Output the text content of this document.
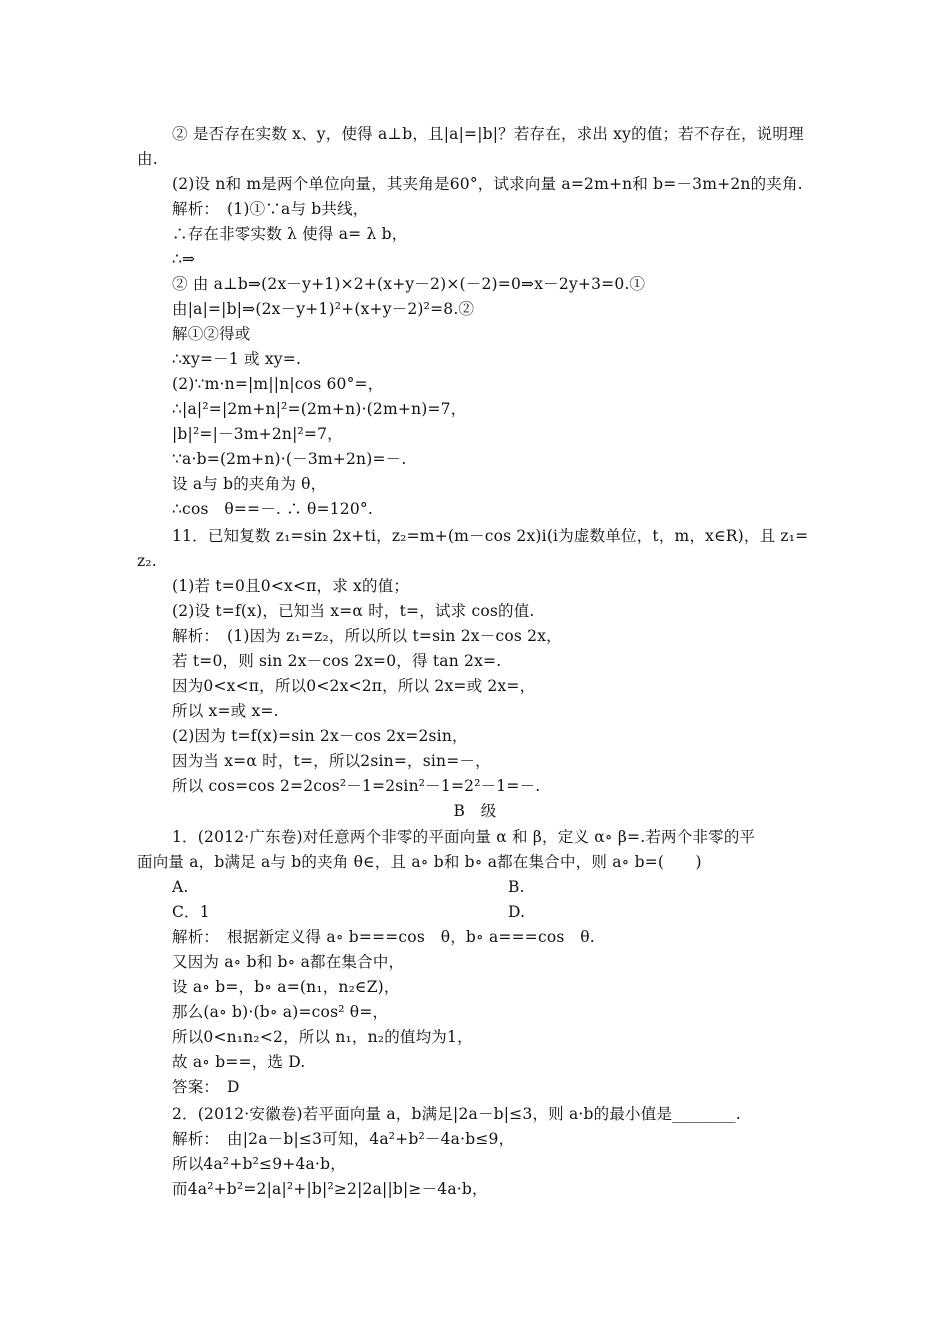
② 是否存在实数 x、y，使得 a⊥b，且|a|=|b|？若存在，求出 xy的值；若不存在，说明理
由.
(2)设 n和 m是两个单位向量，其夹角是60°，试求向量 a=2m+n和 b=－3m+2n的夹角.
解析：　(1)①∵a与 b共线，
∴存在非零实数 λ 使得 a= λ b，
∴⇒
② 由 a⊥b⇒(2x－y+1)×2+(x+y－2)×(－2)=0⇒x－2y+3=0.①
由|a|=|b|⇒(2x－y+1)²+(x+y－2)²=8.②
解①②得或
∴xy=－1 或 xy=.
(2)∵m·n=|m||n|cos 60°=，
∴|a|²=|2m+n|²=(2m+n)·(2m+n)=7，
|b|²=|－3m+2n|²=7，
∵a·b=(2m+n)·(－3m+2n)=－.
设 a与 b的夹角为 θ，
∴cos　θ==－. ∴ θ=120°.
11．已知复数 z₁=sin 2x+ti，z₂=m+(m－cos 2x)i(i为虚数单位，t，m，x∈R)，且 z₁=
z₂.
(1)若 t=0且0<x<π，求 x的值；
(2)设 t=f(x)，已知当 x=α 时，t=，试求 cos的值.
解析：　(1)因为 z₁=z₂，所以所以 t=sin 2x－cos 2x，
若 t=0，则 sin 2x－cos 2x=0，得 tan 2x=.
因为0<x<π，所以0<2x<2π，所以 2x=或 2x=，
所以 x=或 x=.
(2)因为 t=f(x)=sin 2x－cos 2x=2sin，
因为当 x=α 时，t=，所以2sin=，sin=－，
所以 cos=cos 2=2cos²－1=2sin²－1=2²－1=－.
B　级
1．(2012·广东卷)对任意两个非零的平面向量 α 和 β，定义 α∘ β=.若两个非零的平
面向量 a，b满足 a与 b的夹角 θ∈，且 a∘ b和 b∘ a都在集合中，则 a∘ b=(　　)
A.	B.
C．1	D.
解析：　根据新定义得 a∘ b===cos　θ，b∘ a===cos　θ.
又因为 a∘ b和 b∘ a都在集合中，
设 a∘ b=，b∘ a=(n₁，n₂∈Z)，
那么(a∘ b)·(b∘ a)=cos² θ=，
所以0<n₁n₂<2，所以 n₁，n₂的值均为1，
故 a∘ b==，选 D.
答案：　D
2．(2012·安徽卷)若平面向量 a，b满足|2a－b|≤3，则 a·b的最小值是________.
解析：　由|2a－b|≤3可知，4a²+b²－4a·b≤9，
所以4a²+b²≤9+4a·b，
而4a²+b²=2|a|²+|b|²≥2|2a||b|≥－4a·b，
